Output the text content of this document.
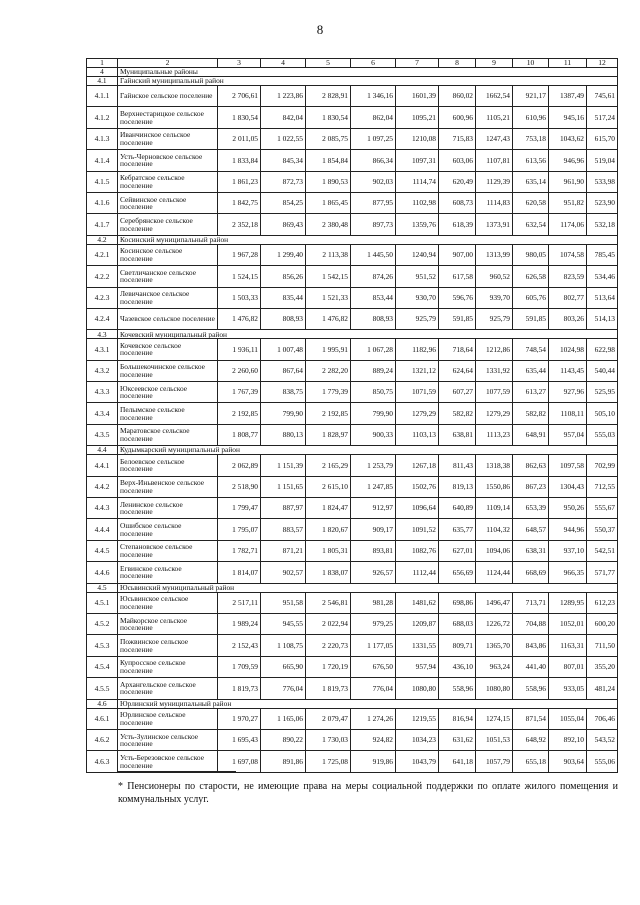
8
1	2	3	4	5	6	7	8	9	10	11	12
4	Муниципальные районы										
4.1	Гайнский муниципальный район										
4.1.1	Гайнское сельское поселение	2 706,61	1 223,86	2 828,91	1 346,16	1601,39	860,02	1662,54	921,17	1387,49	745,61
4.1.2	Верхнестарицкое сельское поселение	1 830,54	842,04	1 830,54	862,04	1095,21	600,96	1105,21	610,96	945,16	517,24
4.1.3	Иванчинское сельское поселение	2 011,05	1 022,55	2 085,75	1 097,25	1210,08	715,83	1247,43	753,18	1043,62	615,70
4.1.4	Усть-Черновское сельское поселение	1 833,84	845,34	1 854,84	866,34	1097,31	603,06	1107,81	613,56	946,96	519,04
4.1.5	Кебратское сельское поселение	1 861,23	872,73	1 890,53	902,03	1114,74	620,49	1129,39	635,14	961,90	533,98
4.1.6	Сейвинское сельское поселение	1 842,75	854,25	1 865,45	877,95	1102,98	608,73	1114,83	620,58	951,82	523,90
4.1.7	Серебрянское сельское поселение	2 352,18	869,43	2 380,48	897,73	1359,76	618,39	1373,91	632,54	1174,06	532,18
4.2	Косинский муниципальный район										
4.2.1	Косинское сельское поселение	1 967,28	1 299,40	2 113,38	1 445,50	1240,94	907,00	1313,99	980,05	1074,58	785,45
4.2.2	Светличанское сельское поселение	1 524,15	856,26	1 542,15	874,26	951,52	617,58	960,52	626,58	823,59	534,46
4.2.3	Левичанское сельское поселение	1 503,33	835,44	1 521,33	853,44	930,70	596,76	939,70	605,76	802,77	513,64
4.2.4	Чазевское сельское поселение	1 476,82	808,93	1 476,82	808,93	925,79	591,85	925,79	591,85	803,26	514,13
4.3	Кочевский муниципальный район										
4.3.1	Кочевское сельское поселение	1 936,11	1 007,48	1 995,91	1 067,28	1182,96	718,64	1212,86	748,54	1024,98	622,98
4.3.2	Большекочинское сельское поселение	2 260,60	867,64	2 282,20	889,24	1321,12	624,64	1331,92	635,44	1143,45	540,44
4.3.3	Юксеевское сельское поселение	1 767,39	838,75	1 779,39	850,75	1071,59	607,27	1077,59	613,27	927,96	525,95
4.3.4	Пелымское сельское поселение	2 192,85	799,90	2 192,85	799,90	1279,29	582,82	1279,29	582,82	1108,11	505,10
4.3.5	Маратовское сельское поселение	1 808,77	880,13	1 828,97	900,33	1103,13	638,81	1113,23	648,91	957,04	555,03
4.4	Кудымкарский муниципальный район										
4.4.1	Белоевское сельское поселение	2 062,89	1 151,39	2 165,29	1 253,79	1267,18	811,43	1318,38	862,63	1097,58	702,99
4.4.2	Верх-Иньвенское сельское поселение	2 518,90	1 151,65	2 615,10	1 247,85	1502,76	819,13	1550,86	867,23	1304,43	712,55
4.4.3	Ленинское сельское поселение	1 799,47	887,97	1 824,47	912,97	1096,64	640,89	1109,14	653,39	950,26	555,67
4.4.4	Ошибское сельское поселение	1 795,07	883,57	1 820,67	909,17	1091,52	635,77	1104,32	648,57	944,96	550,37
4.4.5	Степановское сельское поселение	1 782,71	871,21	1 805,31	893,81	1082,76	627,01	1094,06	638,31	937,10	542,51
4.4.6	Егвинское сельское поселение	1 814,07	902,57	1 838,07	926,57	1112,44	656,69	1124,44	668,69	966,35	571,77
4.5	Юсьвинский муниципальный район										
4.5.1	Юсьвинское сельское поселение	2 517,11	951,58	2 546,81	981,28	1481,62	698,86	1496,47	713,71	1289,95	612,23
4.5.2	Майкорское сельское поселение	1 989,24	945,55	2 022,94	979,25	1209,87	688,03	1226,72	704,88	1052,01	600,20
4.5.3	Пожвинское сельское поселение	2 152,43	1 108,75	2 220,73	1 177,05	1331,55	809,71	1365,70	843,86	1163,31	711,50
4.5.4	Купросское сельское поселение	1 709,59	665,90	1 720,19	676,50	957,94	436,10	963,24	441,40	807,01	355,20
4.5.5	Архангельское сельское поселение	1 819,73	776,04	1 819,73	776,04	1080,80	558,96	1080,80	558,96	933,05	481,24
4.6	Юрлинский муниципальный район										
4.6.1	Юрлинское сельское поселение	1 970,27	1 165,06	2 079,47	1 274,26	1219,55	816,94	1274,15	871,54	1055,04	706,46
4.6.2	Усть-Зулинское сельское поселение	1 695,43	890,22	1 730,03	924,82	1034,23	631,62	1051,53	648,92	892,10	543,52
4.6.3	Усть-Березовское сельское поселение	1 697,08	891,86	1 725,08	919,86	1043,79	641,18	1057,79	655,18	903,64	555,06
* Пенсионеры по старости, не имеющие права на меры социальной поддержки по оплате жилого помещения и коммунальных услуг.
